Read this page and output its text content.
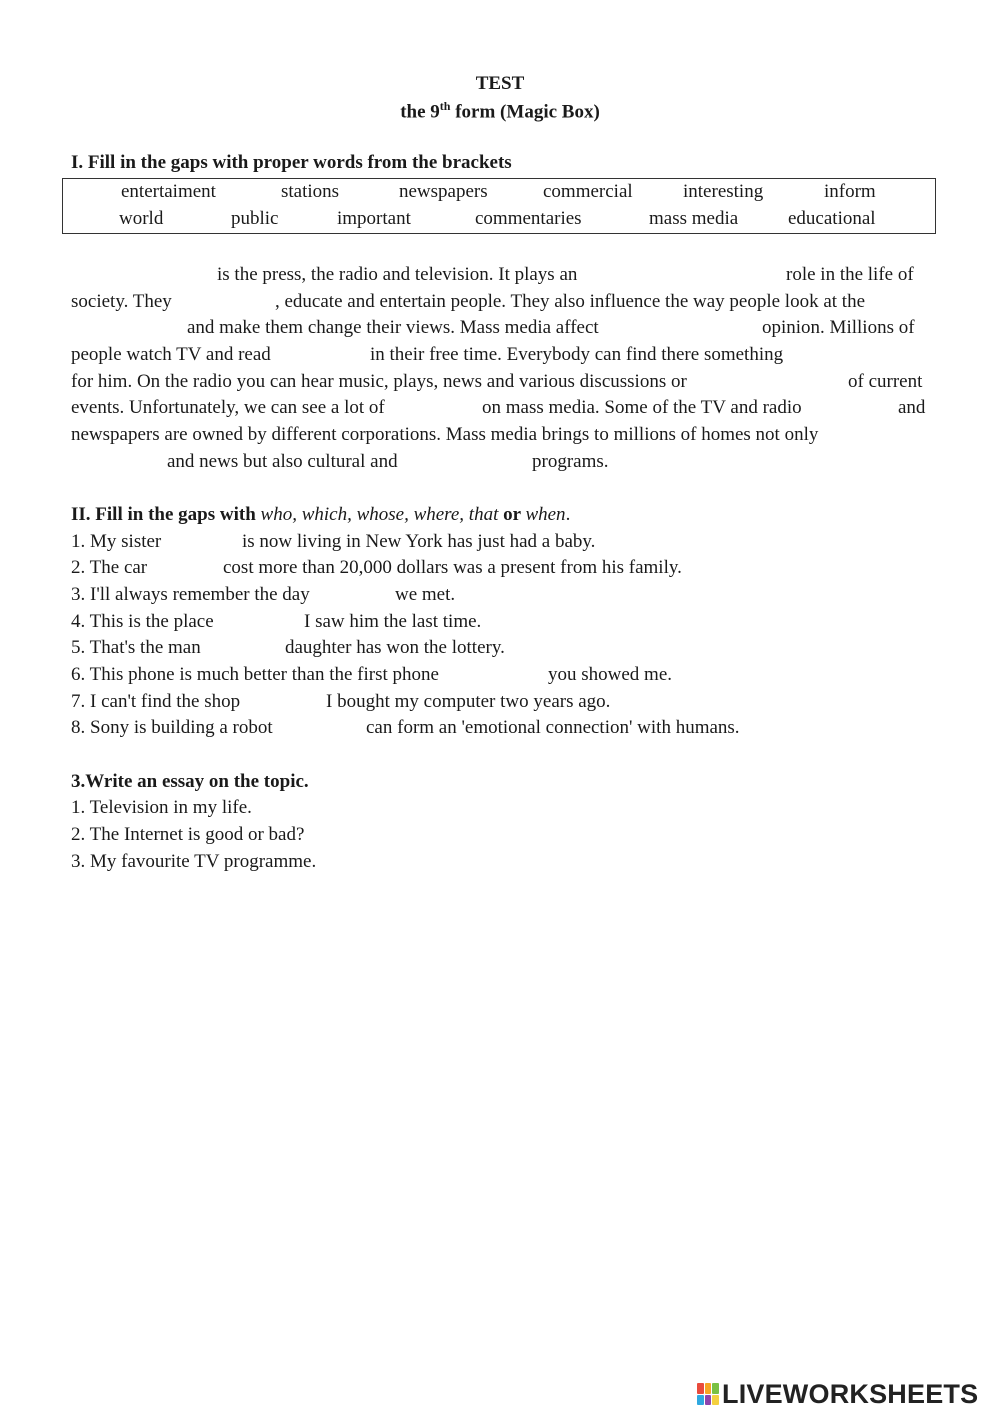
TEST
the 9th form (Magic Box)
I. Fill in the gaps with proper words from the brackets
entertaiment	stations	newspapers	commercial	interesting	inform
world	public	important	commentaries	mass media	educational
is the press, the radio and television. It plays an	role in the life of
society. They	, educate and entertain people. They also influence the way people look at the
and make them change their views. Mass media affect	opinion. Millions of
people watch TV and read	in their free time. Everybody can find there something
for him. On the radio you can hear music, plays, news and various discussions or	of current
events. Unfortunately, we can see a lot of	on mass media. Some of the TV and radio	and
newspapers are owned by different corporations. Mass media brings to millions of homes not only
and news but also cultural and	programs.
II. Fill in the gaps with who, which, whose, where, that or when.
1. My sister	is now living in New York has just had a baby.
2. The car	cost more than 20,000 dollars was a present from his family.
3. I'll always remember the day	we met.
4. This is the place	I saw him the last time.
5. That's the man	daughter has won the lottery.
6. This phone is much better than the first phone	you showed me.
7. I can't find the shop	I bought my computer two years ago.
8. Sony is building a robot	can form an 'emotional connection' with humans.
3.Write an essay on the topic.
1. Television in my life.
2. The Internet is good or bad?
3. My favourite TV programme.
LIVEWORKSHEETS
